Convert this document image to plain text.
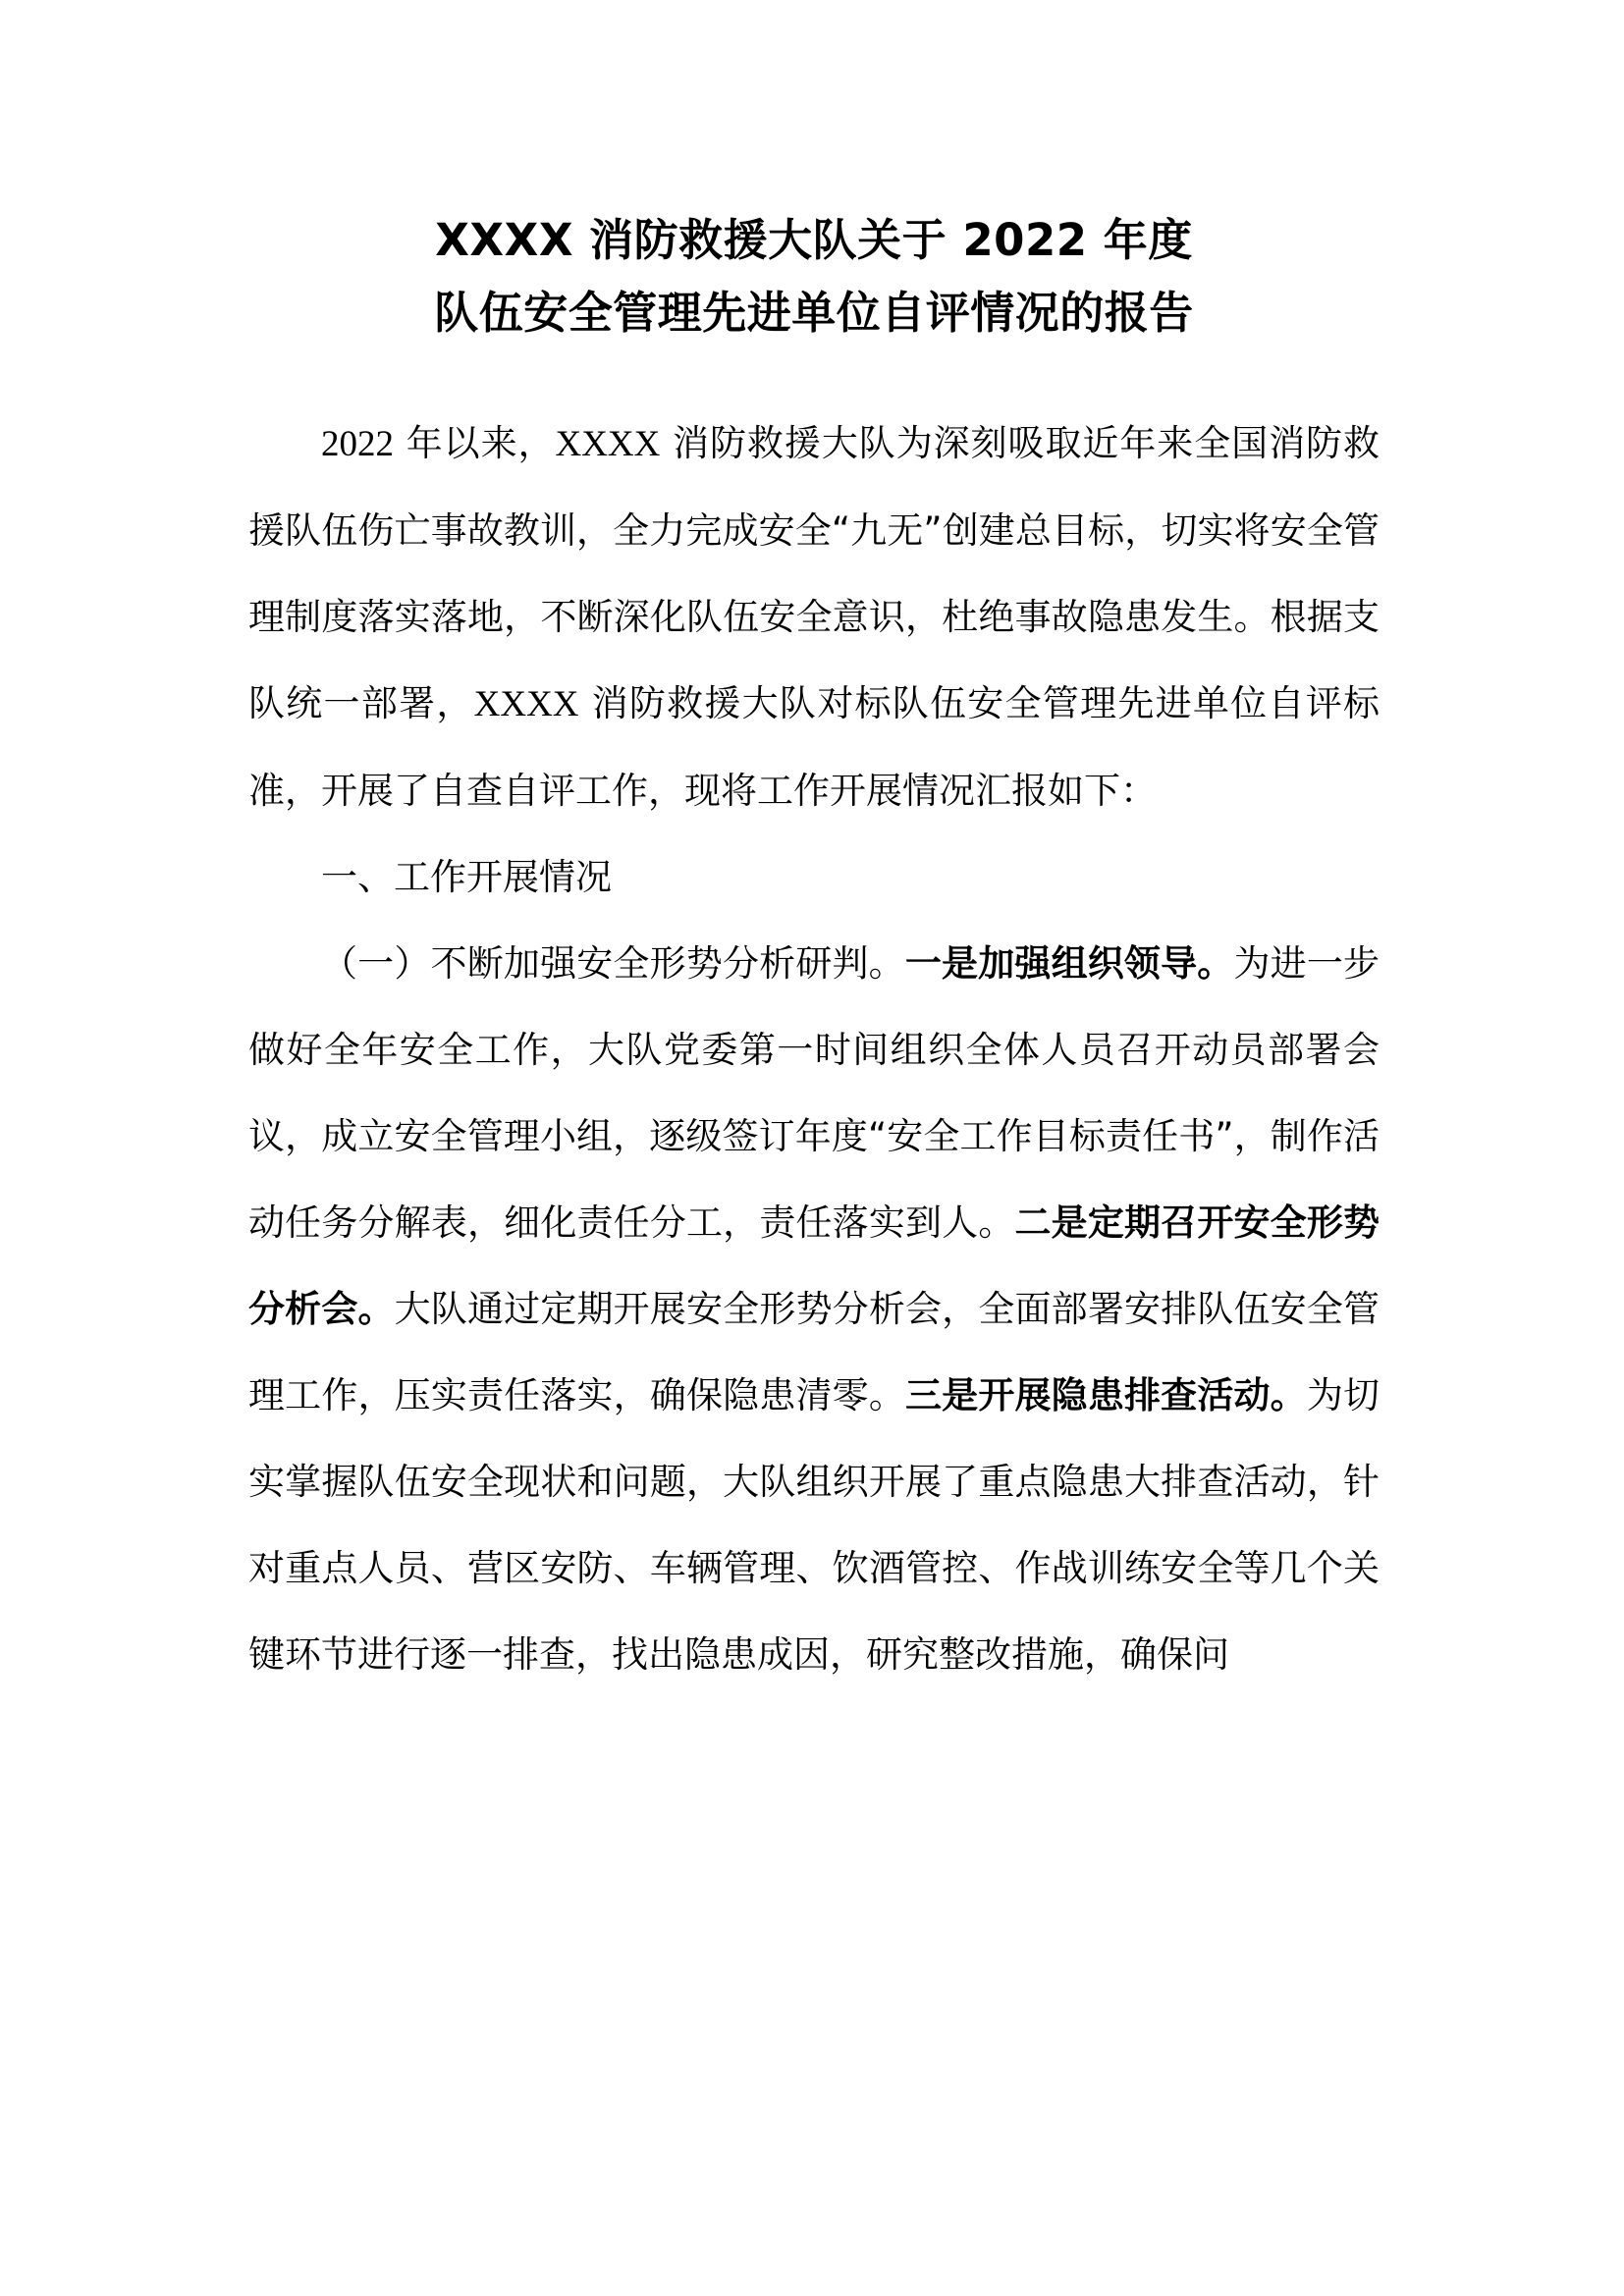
XXXX 消防救援大队关于 2022 年度
队伍安全管理先进单位自评情况的报告

2022 年以来，XXXX 消防救援大队为深刻吸取近年来全国消防救援队伍伤亡事故教训，全力完成安全“九无”创建总目标，切实将安全管理制度落实落地，不断深化队伍安全意识，杜绝事故隐患发生。根据支队统一部署，XXXX 消防救援大队对标队伍安全管理先进单位自评标准，开展了自查自评工作，现将工作开展情况汇报如下：

一、工作开展情况

（一）不断加强安全形势分析研判。一是加强组织领导。为进一步做好全年安全工作，大队党委第一时间组织全体人员召开动员部署会议，成立安全管理小组，逐级签订年度“安全工作目标责任书”，制作活动任务分解表，细化责任分工，责任落实到人。二是定期召开安全形势分析会。大队通过定期开展安全形势分析会，全面部署安排队伍安全管理工作，压实责任落实，确保隐患清零。三是开展隐患排查活动。为切实掌握队伍安全现状和问题，大队组织开展了重点隐患大排查活动，针对重点人员、营区安防、车辆管理、饮酒管控、作战训练安全等几个关键环节进行逐一排查，找出隐患成因，研究整改措施，确保问
